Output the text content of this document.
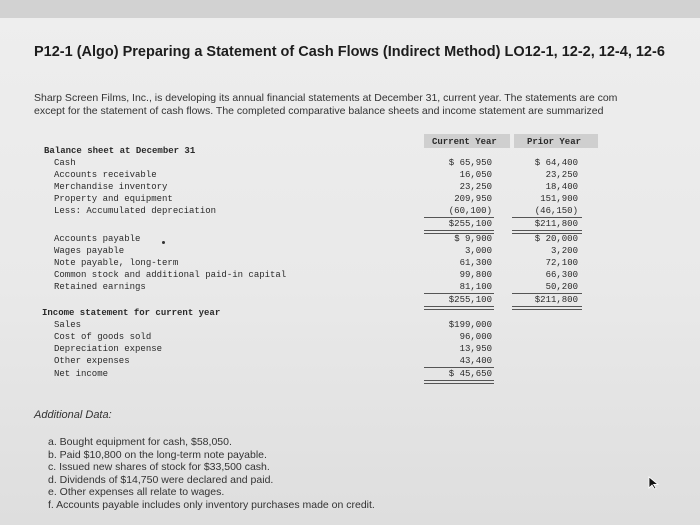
P12-1 (Algo) Preparing a Statement of Cash Flows (Indirect Method) LO12-1, 12-2, 12-4, 12-6
Sharp Screen Films, Inc., is developing its annual financial statements at December 31, current year. The statements are com
except for the statement of cash flows. The completed comparative balance sheets and income statement are summarized
Current Year	Prior Year
Balance sheet at December 31
Cash	$ 65,950	$ 64,400
Accounts receivable	16,050	23,250
Merchandise inventory	23,250	18,400
Property and equipment	209,950	151,900
Less: Accumulated depreciation	(60,100)	(46,150)
$255,100	$211,800
Accounts payable	$ 9,900	$ 20,000
Wages payable	3,000	3,200
Note payable, long-term	61,300	72,100
Common stock and additional paid-in capital	99,800	66,300
Retained earnings	81,100	50,200
$255,100	$211,800
Income statement for current year
Sales	$199,000
Cost of goods sold	96,000
Depreciation expense	13,950
Other expenses	43,400
Net income	$ 45,650
Additional Data:
a. Bought equipment for cash, $58,050.
b. Paid $10,800 on the long-term note payable.
c. Issued new shares of stock for $33,500 cash.
d. Dividends of $14,750 were declared and paid.
e. Other expenses all relate to wages.
f. Accounts payable includes only inventory purchases made on credit.
